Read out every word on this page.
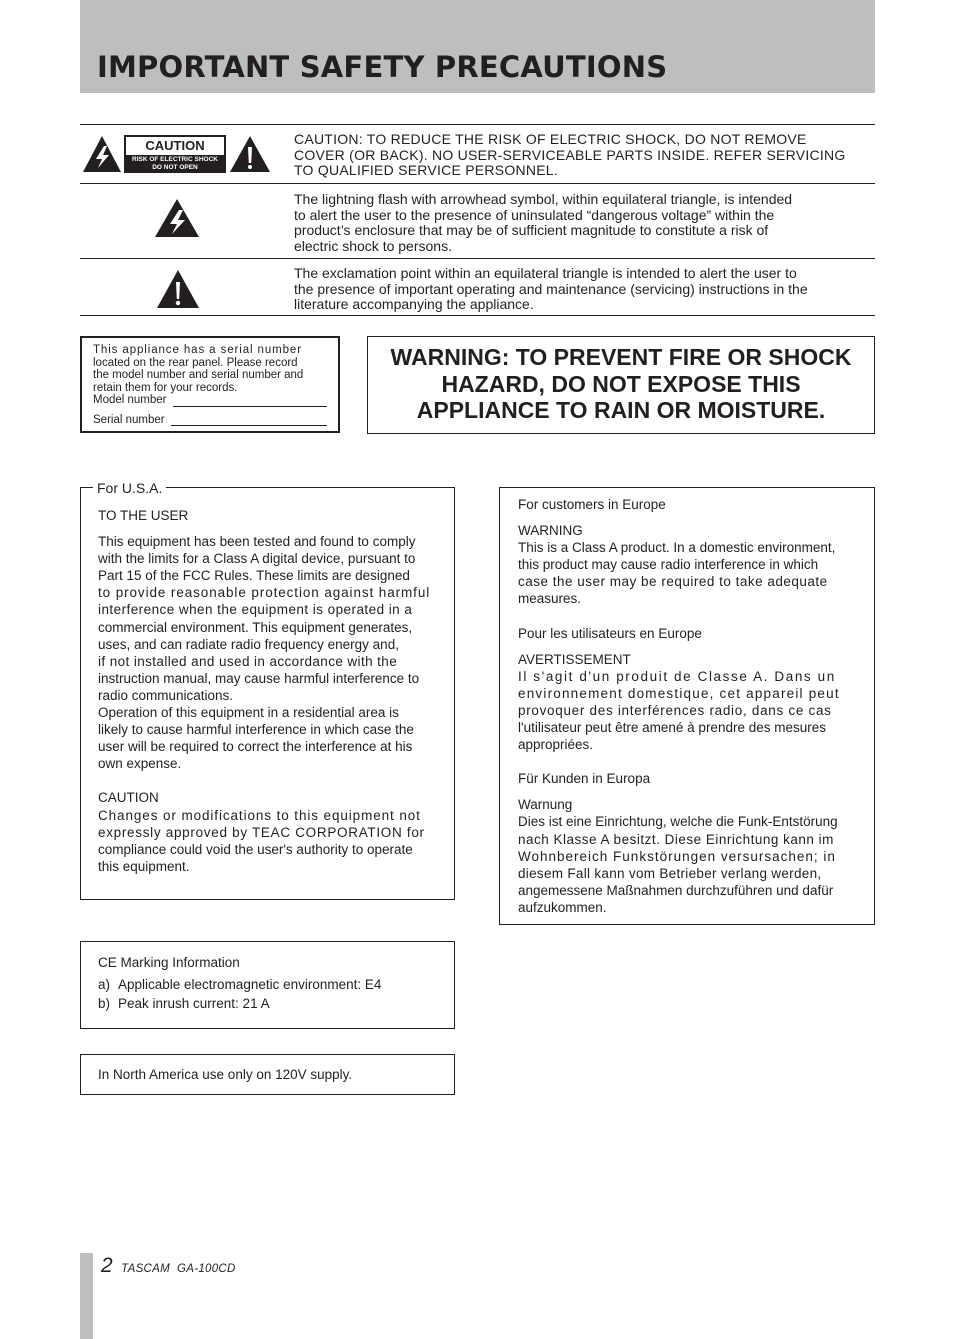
IMPORTANT SAFETY PRECAUTIONS
CAUTION
RISK OF ELECTRIC SHOCK
DO NOT OPEN
CAUTION: TO REDUCE THE RISK OF ELECTRIC SHOCK, DO NOT REMOVE
COVER (OR BACK). NO USER-SERVICEABLE PARTS INSIDE. REFER SERVICING
TO QUALIFIED SERVICE PERSONNEL.
The lightning flash with arrowhead symbol, within equilateral triangle, is intended
to alert the user to the presence of uninsulated “dangerous voltage” within the
product’s enclosure that may be of sufficient magnitude to constitute a risk of
electric shock to persons.
The exclamation point within an equilateral triangle is intended to alert the user to
the presence of important operating and maintenance (servicing) instructions in the
literature accompanying the appliance.
This appliance has a serial number
located on the rear panel. Please record
the model number and serial number and
retain them for your records.
Model number
Serial number
WARNING: TO PREVENT FIRE OR SHOCK
HAZARD, DO NOT EXPOSE THIS
APPLIANCE TO RAIN OR MOISTURE.
For U.S.A.
TO THE USER
This equipment has been tested and found to comply
with the limits for a Class A digital device, pursuant to
Part 15 of the FCC Rules. These limits are designed
to provide reasonable protection against harmful
interference when the equipment is operated in a
commercial environment. This equipment generates,
uses, and can radiate radio frequency energy and,
if not installed and used in accordance with the
instruction manual, may cause harmful interference to
radio communications.
Operation of this equipment in a residential area is
likely to cause harmful interference in which case the
user will be required to correct the interference at his
own expense.
CAUTION
Changes or modifications to this equipment not
expressly approved by TEAC CORPORATION for
compliance could void the user's authority to operate
this equipment.
For customers in Europe
WARNING
This is a Class A product. In a domestic environment,
this product may cause radio interference in which
case the user may be required to take adequate
measures.
Pour les utilisateurs en Europe
AVERTISSEMENT
Il s'agit d'un produit de Classe A. Dans un
environnement domestique, cet appareil peut
provoquer des interférences radio, dans ce cas
l'utilisateur peut être amené à prendre des mesures
appropriées.
Für Kunden in Europa
Warnung
Dies ist eine Einrichtung, welche die Funk-Entstörung
nach Klasse A besitzt. Diese Einrichtung kann im
Wohnbereich Funkstörungen versursachen; in
diesem Fall kann vom Betrieber verlang werden,
angemessene Maßnahmen durchzuführen und dafür
aufzukommen.
CE Marking Information
a) Applicable electromagnetic environment: E4
b) Peak inrush current: 21 A
In North America use only on 120V supply.
2 TASCAM  GA-100CD
